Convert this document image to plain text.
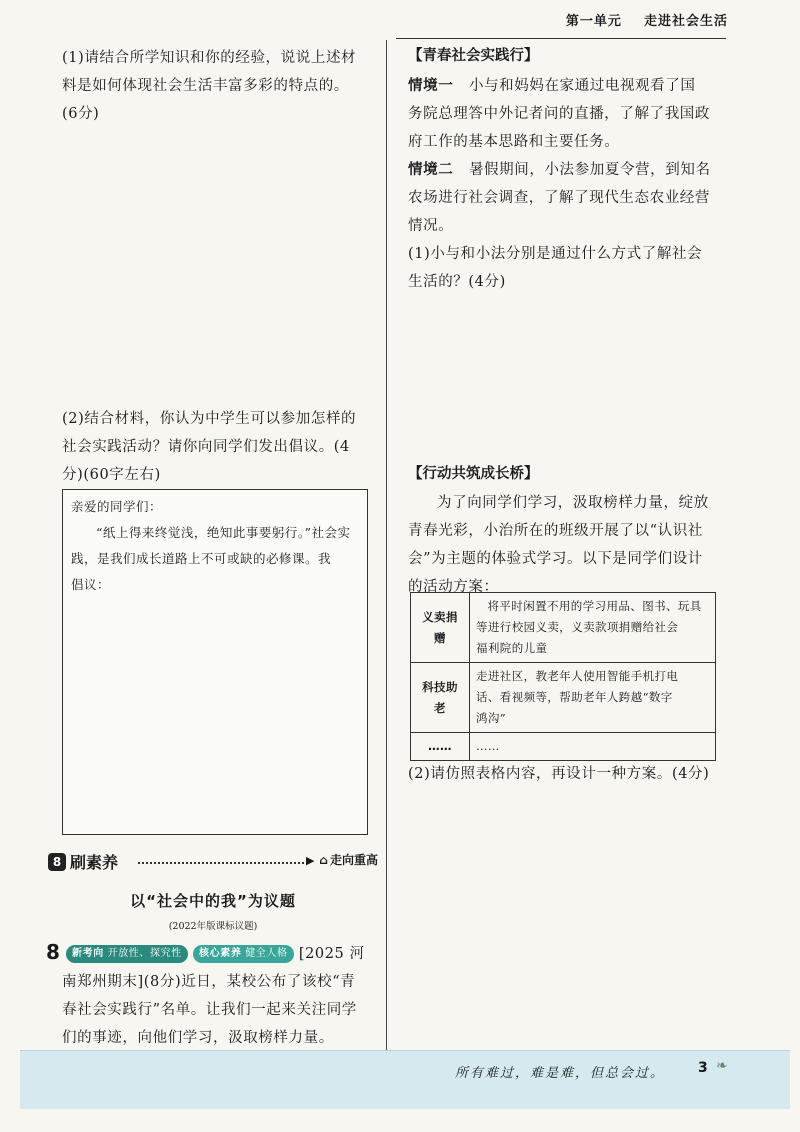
第一单元 走进社会生活
(1)请结合所学知识和你的经验，说说上述材
料是如何体现社会生活丰富多彩的特点的。
(6分)
(2)结合材料，你认为中学生可以参加怎样的
社会实践活动？请你向同学们发出倡议。(4
分)(60字左右)
亲爱的同学们：
“纸上得来终觉浅，绝知此事要躬行。”社会实
践，是我们成长道路上不可或缺的必修课。我
倡议：
8 刷素养	▶ ⌂ 走向重高
以“社会中的我”为议题
(2022年版课标议题)
8	新考向 开放性、探究性 核心素养 健全人格 [2025 河
南郑州期末](8分)近日，某校公布了该校“青
春社会实践行”名单。让我们一起来关注同学
们的事迹，向他们学习，汲取榜样力量。
【青春社会实践行】
情境一 小与和妈妈在家通过电视观看了国
务院总理答中外记者问的直播，了解了我国政
府工作的基本思路和主要任务。
情境二 暑假期间，小法参加夏令营，到知名
农场进行社会调查，了解了现代生态农业经营
情况。
(1)小与和小法分别是通过什么方式了解社会
生活的？(4分)
【行动共筑成长桥】
为了向同学们学习，汲取榜样力量，绽放
青春光彩，小治所在的班级开展了以“认识社
会”为主题的体验式学习。以下是同学们设计
的活动方案：
义卖捐赠	将平时闲置不用的学习用品、图书、玩具
等进行校园义卖，义卖款项捐赠给社会
福利院的儿童

科技助老	走进社区，教老年人使用智能手机打电
话、看视频等，帮助老年人跨越“数字
鸿沟”

……	……
(2)请仿照表格内容，再设计一种方案。(4分)
所有难过，难是难，但总会过。 3 ❧
